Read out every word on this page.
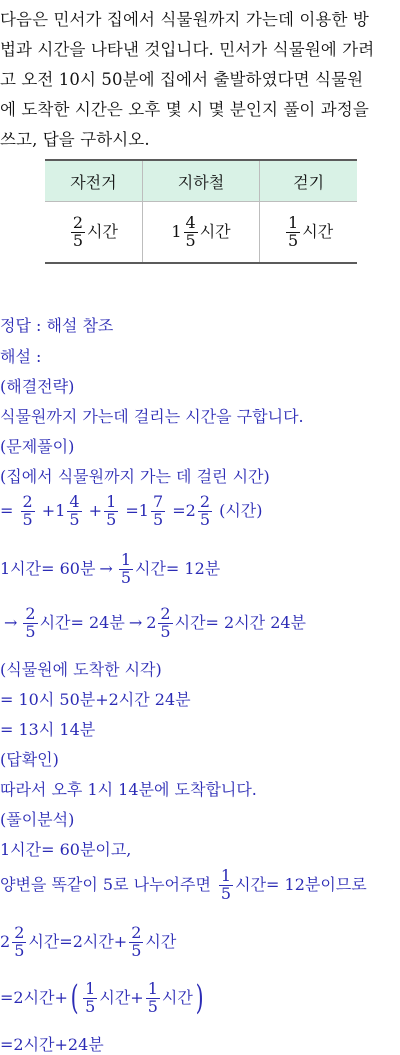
다음은 민서가 집에서 식물원까지 가는데 이용한 방
법과 시간을 나타낸 것입니다. 민서가 식물원에 가려
고 오전 10시 50분에 집에서 출발하였다면 식물원
에 도착한 시간은 오후 몇 시 몇 분인지 풀이 과정을
쓰고, 답을 구하시오.
자전거	지하철	걷기

$\frac{2}{5}$ 시간	$1 \frac{4}{5}$ 시간	$\frac{1}{5}$ 시간
정답 : 해설 참조
해설 :
(해결전략)
식물원까지 가는데 걸리는 시간을 구합니다.
(문제풀이)
(집에서 식물원까지 가는 데 걸린 시간)
= $\frac{2}{5} +1 \frac{4}{5} + \frac{1}{5} =1 \frac{7}{5} =2 \frac{2}{5}$ (시간)
1시간= 60분 → $\frac{1}{5}$ 시간= 12분
→ $\frac{2}{5}$ 시간= 24분 → $2 \frac{2}{5}$ 시간= 2시간 24분
(식물원에 도착한 시각)
= 10시 50분+2시간 24분
= 13시 14분
(답확인)
따라서 오후 1시 14분에 도착합니다.
(풀이분석)
1시간= 60분이고,
양변을 똑같이 5로 나누어주면 $\frac{1}{5}$ 시간= 12분이므로
$2 \frac{2}{5}$ 시간=2시간+ $\frac{2}{5}$ 시간
=2시간+( $\frac{1}{5}$ 시간+ $\frac{1}{5}$ 시간)
=2시간+24분
